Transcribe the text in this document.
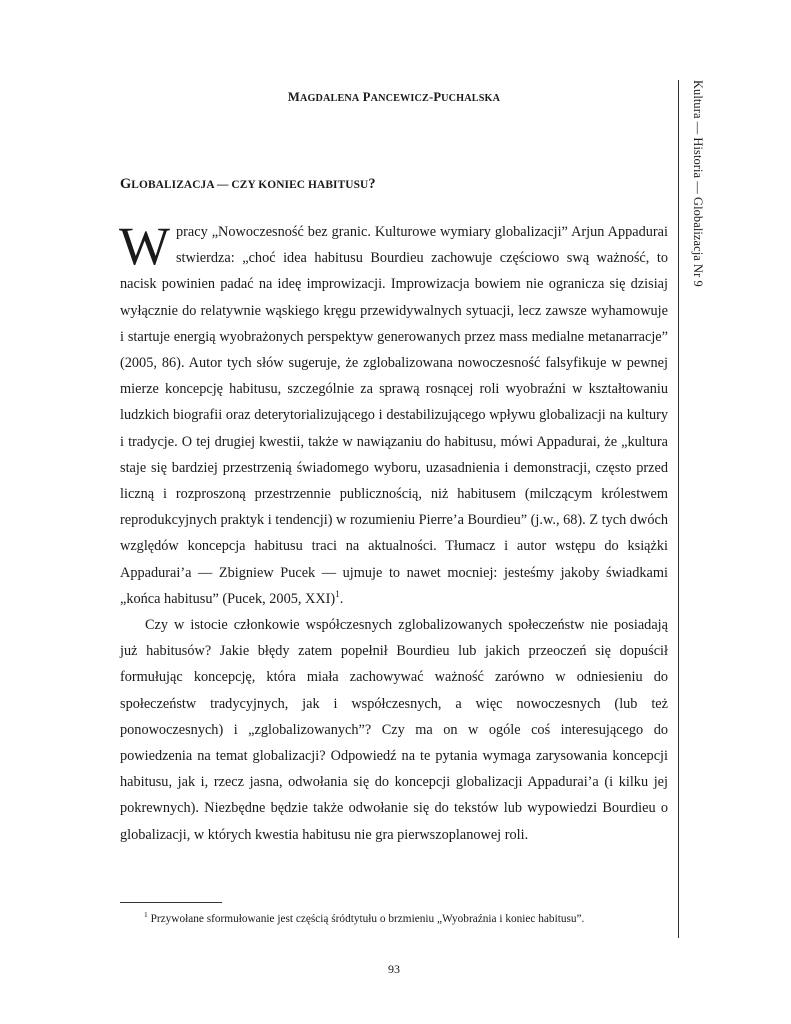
MAGDALENA PANCEWICZ-PUCHALSKA	Kultura — Historia — Globalizacja Nr 9
GLOBALIZACJA — CZY KONIEC HABITUSU?

Wpracy „Nowoczesność bez granic. Kulturowe wymiary globalizacji” Arjun Appadurai stwierdza: „choć idea habitusu Bourdieu zachowuje częściowo swą ważność, to nacisk powinien padać na ideę improwizacji. Improwizacja bowiem nie ogranicza się dzisiaj wyłącznie do relatywnie wąskiego kręgu przewidywalnych sytuacji, lecz zawsze wyhamowuje i startuje energią wyobrażonych perspektyw generowanych przez mass medialne metanarracje” (2005, 86). Autor tych słów sugeruje, że zglobalizowana nowoczesność falsyfikuje w pewnej mierze koncepcję habitusu, szczególnie za sprawą rosnącej roli wyobraźni w kształtowaniu ludzkich biografii oraz deterytorializującego i destabilizującego wpływu globalizacji na kultury i tradycje. O tej drugiej kwestii, także w nawiązaniu do habitusu, mówi Appadurai, że „kultura staje się bardziej przestrzenią świadomego wyboru, uzasadnienia i demonstracji, często przed liczną i rozproszoną przestrzennie publicznością, niż habitusem (milczącym królestwem reprodukcyjnych praktyk i tendencji) w rozumieniu Pierre’a Bourdieu” (j.w., 68). Z tych dwóch względów koncepcja habitusu traci na aktualności. Tłumacz i autor wstępu do książki Appadurai’a — Zbigniew Pucek — ujmuje to nawet mocniej: jesteśmy jakoby świadkami „końca habitusu” (Pucek, 2005, XXI)$^1$.

Czy w istocie członkowie współczesnych zglobalizowanych społeczeństw nie posiadają już habitusów? Jakie błędy zatem popełnił Bourdieu lub jakich przeoczeń się dopuścił formułując koncepcję, która miała zachowywać ważność zarówno w odniesieniu do społeczeństw tradycyjnych, jak i współczesnych, a więc nowoczesnych (lub też ponowoczesnych) i „zglobalizowanych”? Czy ma on w ogóle coś interesującego do powiedzenia na temat globalizacji? Odpowiedź na te pytania wymaga zarysowania koncepcji habitusu, jak i, rzecz jasna, odwołania się do koncepcji globalizacji Appadurai’a (i kilku jej pokrewnych). Niezbędne będzie także odwołanie się do tekstów lub wypowiedzi Bourdieu o globalizacji, w których kwestia habitusu nie gra pierwszoplanowej roli.

$^1$ Przywołane sformułowanie jest częścią śródtytułu o brzmieniu „Wyobraźnia i koniec habitusu”.
93
